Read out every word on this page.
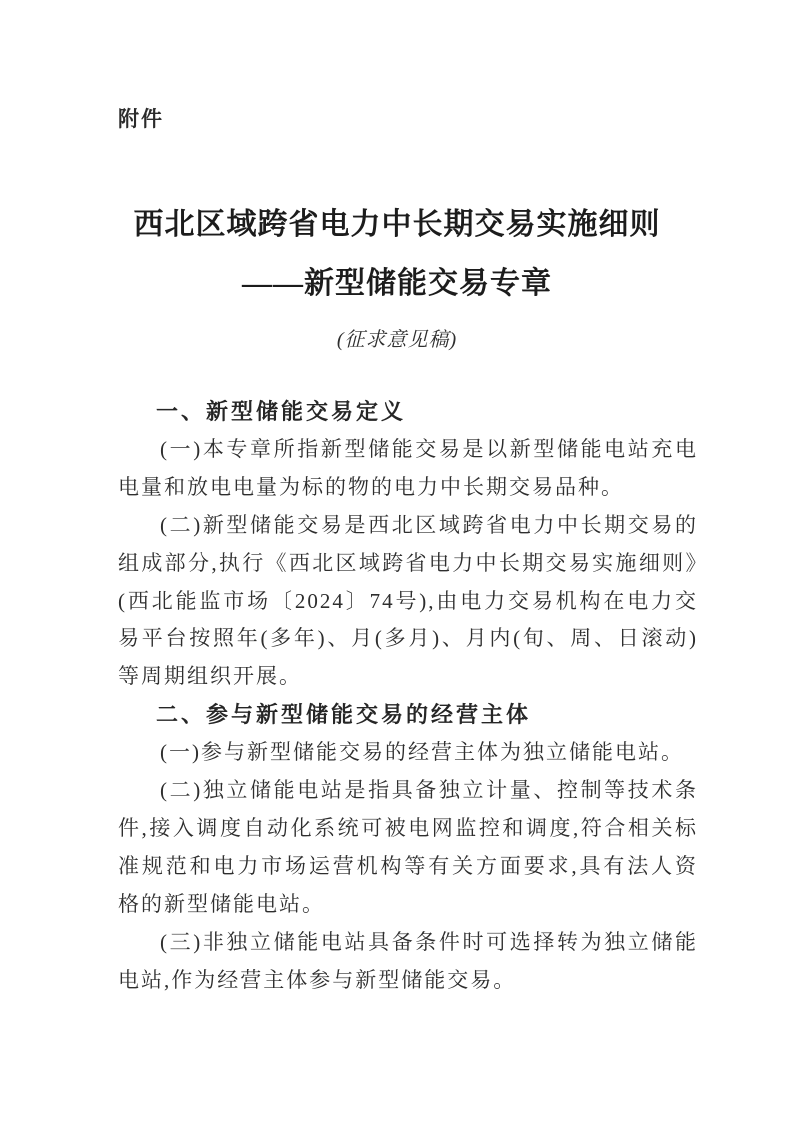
附件
西北区域跨省电力中长期交易实施细则
——新型储能交易专章
(征求意见稿)
一、新型储能交易定义

(一)本专章所指新型储能交易是以新型储能电站充电电量和放电电量为标的物的电力中长期交易品种。

(二)新型储能交易是西北区域跨省电力中长期交易的组成部分,执行《西北区域跨省电力中长期交易实施细则》(西北能监市场〔2024〕74号),由电力交易机构在电力交易平台按照年(多年)、月(多月)、月内(旬、周、日滚动)等周期组织开展。

二、参与新型储能交易的经营主体

(一)参与新型储能交易的经营主体为独立储能电站。

(二)独立储能电站是指具备独立计量、控制等技术条件,接入调度自动化系统可被电网监控和调度,符合相关标准规范和电力市场运营机构等有关方面要求,具有法人资格的新型储能电站。

(三)非独立储能电站具备条件时可选择转为独立储能电站,作为经营主体参与新型储能交易。
